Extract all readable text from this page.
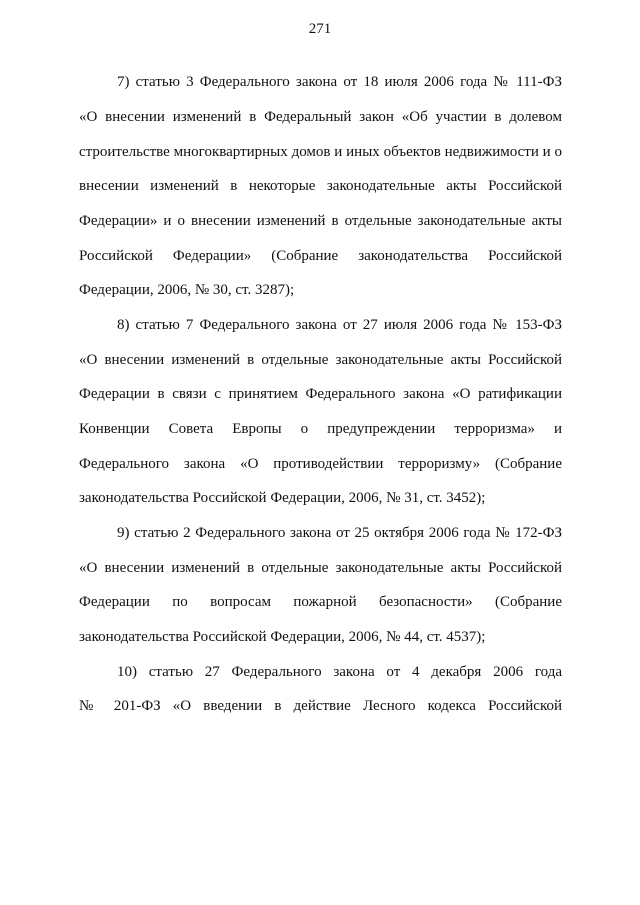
271
7) статью 3 Федерального закона от 18 июля 2006 года № 111-ФЗ
«О внесении изменений в Федеральный закон «Об участии в долевом
строительстве многоквартирных домов и иных объектов недвижимости и о
внесении изменений в некоторые законодательные акты Российской
Федерации» и о внесении изменений в отдельные законодательные акты
Российской Федерации» (Собрание законодательства Российской
Федерации, 2006, № 30, ст. 3287);
8) статью 7 Федерального закона от 27 июля 2006 года № 153-ФЗ
«О внесении изменений в отдельные законодательные акты Российской
Федерации в связи с принятием Федерального закона «О ратификации
Конвенции Совета Европы о предупреждении терроризма» и
Федерального закона «О противодействии терроризму» (Собрание
законодательства Российской Федерации, 2006, № 31, ст. 3452);
9) статью 2 Федерального закона от 25 октября 2006 года № 172-ФЗ
«О внесении изменений в отдельные законодательные акты Российской
Федерации по вопросам пожарной безопасности» (Собрание
законодательства Российской Федерации, 2006, № 44, ст. 4537);
10) статью 27 Федерального закона от 4 декабря 2006 года
№ 201-ФЗ «О введении в действие Лесного кодекса Российской
